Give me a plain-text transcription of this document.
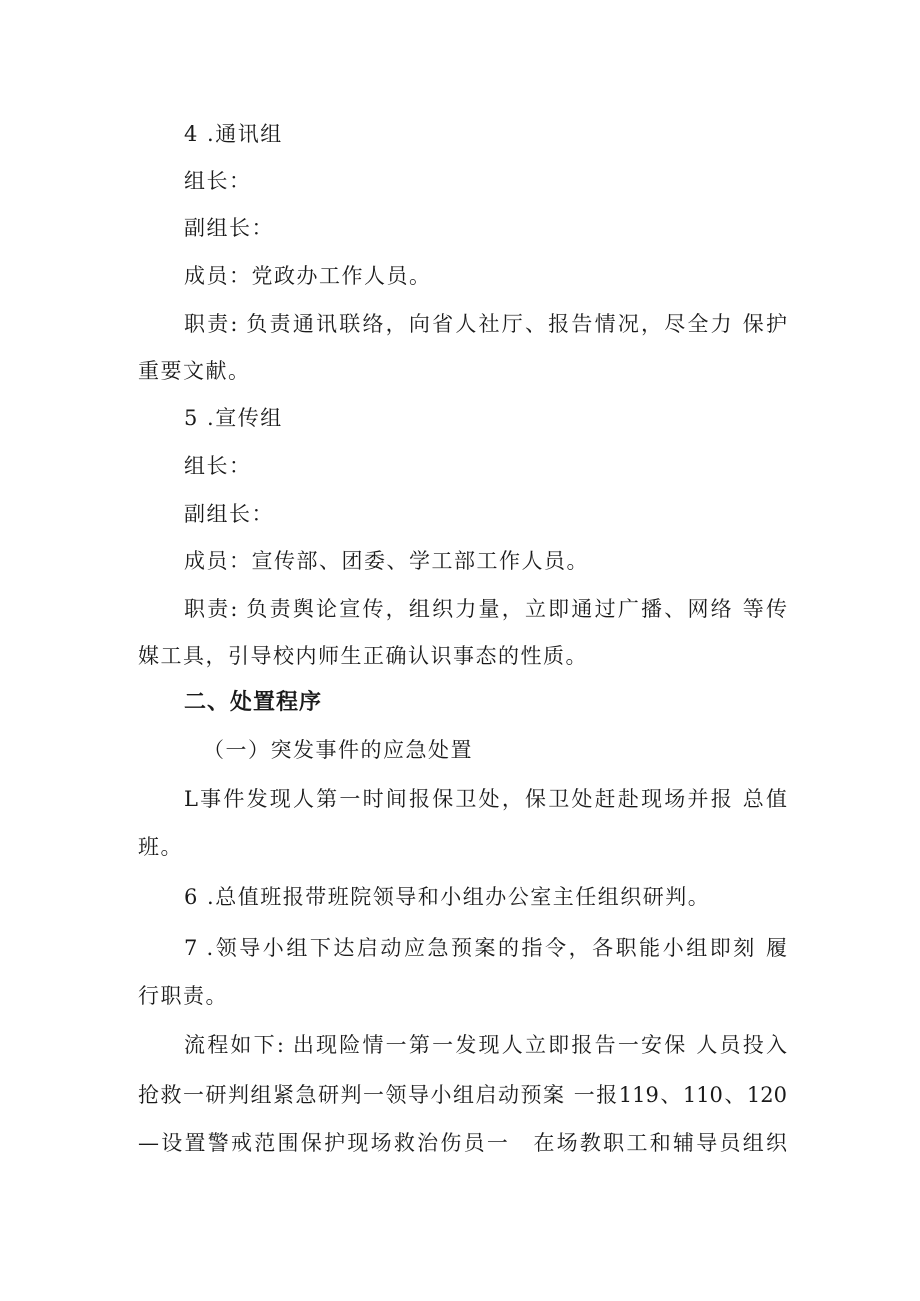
4 .通讯组
组长：
副组长：
成员：党政办工作人员。
职责: 负责通讯联络，向省人社厅、报告情况，尽全力 保护
重要文献。
5 .宣传组
组长：
副组长：
成员：宣传部、团委、学工部工作人员。
职责: 负责舆论宣传，组织力量，立即通过广播、网络 等传
媒工具，引导校内师生正确认识事态的性质。
二、处置程序
（一）突发事件的应急处置
L事件发现人第一时间报保卫处，保卫处赶赴现场并报 总值
班。
6 .总值班报带班院领导和小组办公室主任组织研判。
7 .领导小组下达启动应急预案的指令，各职能小组即刻 履
行职责。
流程如下: 出现险情一第一发现人立即报告一安保 人员投入
抢救一研判组紧急研判一领导小组启动预案 一报119、110、120
—设置警戒范围保护现场救治伤员一　在场教职工和辅导员组织
